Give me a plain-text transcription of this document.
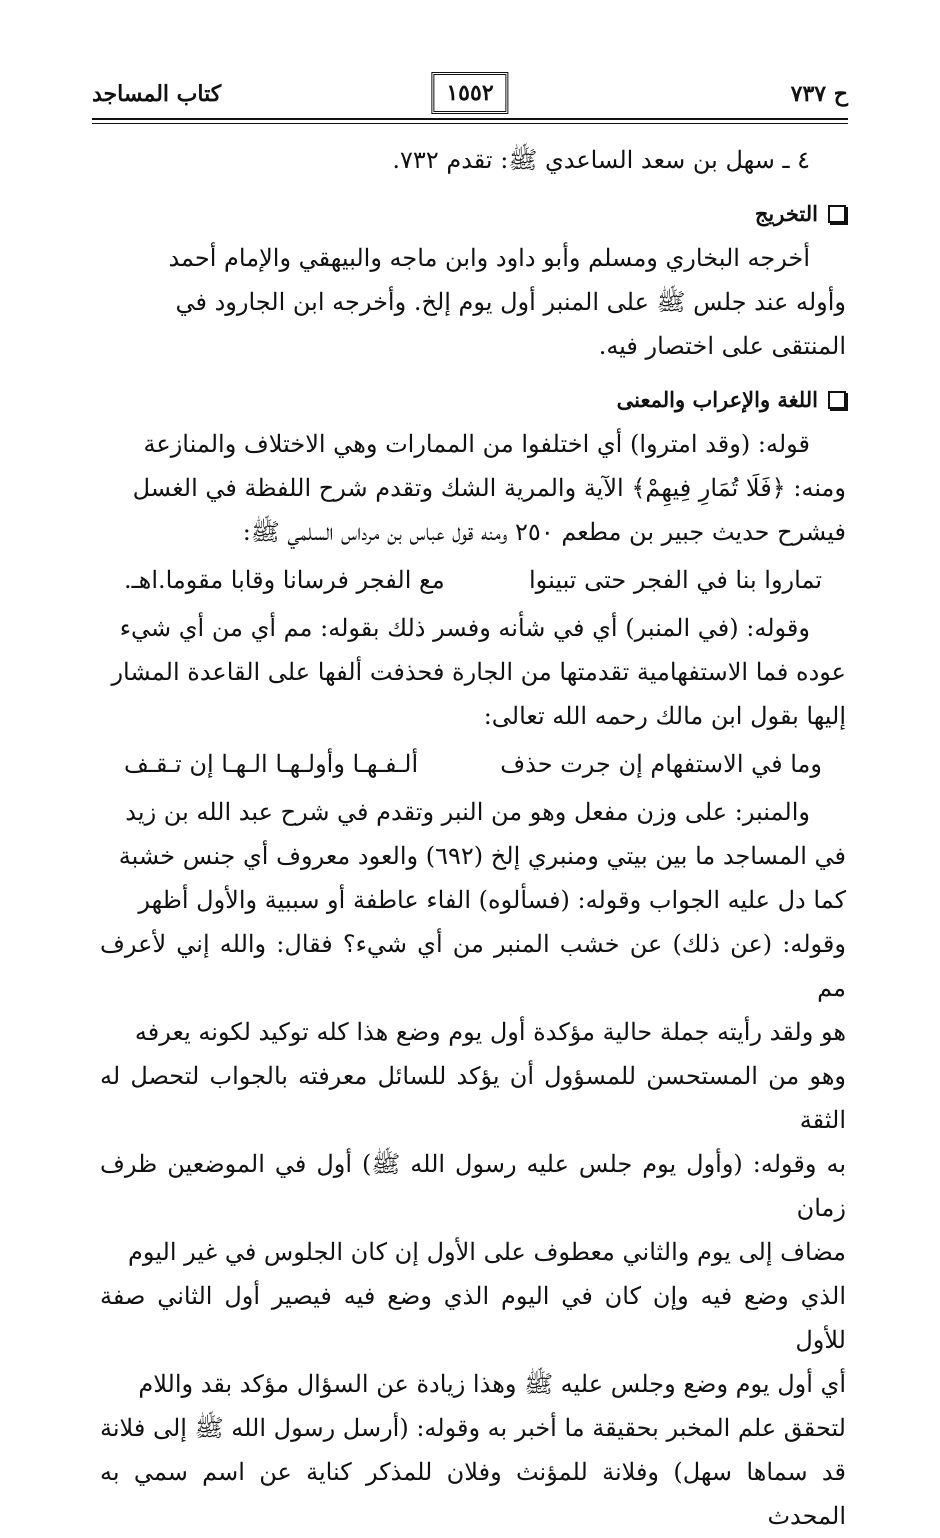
ح ٧٣٧
كتاب المساجد	١٥٥٢

٤ ـ سهل بن سعد الساعدي ﷺ: تقدم ٧٣٢.

التخريج

أخرجه البخاري ومسلم وأبو داود وابن ماجه والبيهقي والإمام أحمد

وأوله عند جلس ﷺ على المنبر أول يوم إلخ. وأخرجه ابن الجارود في

المنتقى على اختصار فيه.

اللغة والإعراب والمعنى

قوله: (وقد امتروا) أي اختلفوا من الممارات وهي الاختلاف والمنازعة

ومنه: ﴿فَلَا تُمَارِ فِيهِمْ﴾ الآية والمرية الشك وتقدم شرح اللفظة في الغسل

فيشرح حديث جبير بن مطعم ٢٥٠ ومنه قول عباس بن مرداس السلمي ﷺ:

تماروا بنا في الفجر حتى تبينوا
مع الفجر فرسانا وقابا مقوما.اهـ.

وقوله: (في المنبر) أي في شأنه وفسر ذلك بقوله: مم أي من أي شيء

عوده فما الاستفهامية تقدمتها من الجارة فحذفت ألفها على القاعدة المشار

إليها بقول ابن مالك رحمه الله تعالى:

وما في الاستفهام إن جرت حذف
ألـفـهـا وأولـهـا الـهـا إن تـقـف

والمنبر: على وزن مفعل وهو من النبر وتقدم في شرح عبد الله بن زيد

في المساجد ما بين بيتي ومنبري إلخ (٦٩٢) والعود معروف أي جنس خشبة

كما دل عليه الجواب وقوله: (فسألوه) الفاء عاطفة أو سببية والأول أظهر

وقوله: (عن ذلك) عن خشب المنبر من أي شيء؟ فقال: والله إني لأعرف مم

هو ولقد رأيته جملة حالية مؤكدة أول يوم وضع هذا كله توكيد لكونه يعرفه

وهو من المستحسن للمسؤول أن يؤكد للسائل معرفته بالجواب لتحصل له الثقة

به وقوله: (وأول يوم جلس عليه رسول الله ﷺ) أول في الموضعين ظرف زمان

مضاف إلى يوم والثاني معطوف على الأول إن كان الجلوس في غير اليوم

الذي وضع فيه وإن كان في اليوم الذي وضع فيه فيصير أول الثاني صفة للأول

أي أول يوم وضع وجلس عليه ﷺ وهذا زيادة عن السؤال مؤكد بقد واللام

لتحقق علم المخبر بحقيقة ما أخبر به وقوله: (أرسل رسول الله ﷺ إلى فلانة

قد سماها سهل) وفلانة للمؤنث وفلان للمذكر كناية عن اسم سمي به المحدث
